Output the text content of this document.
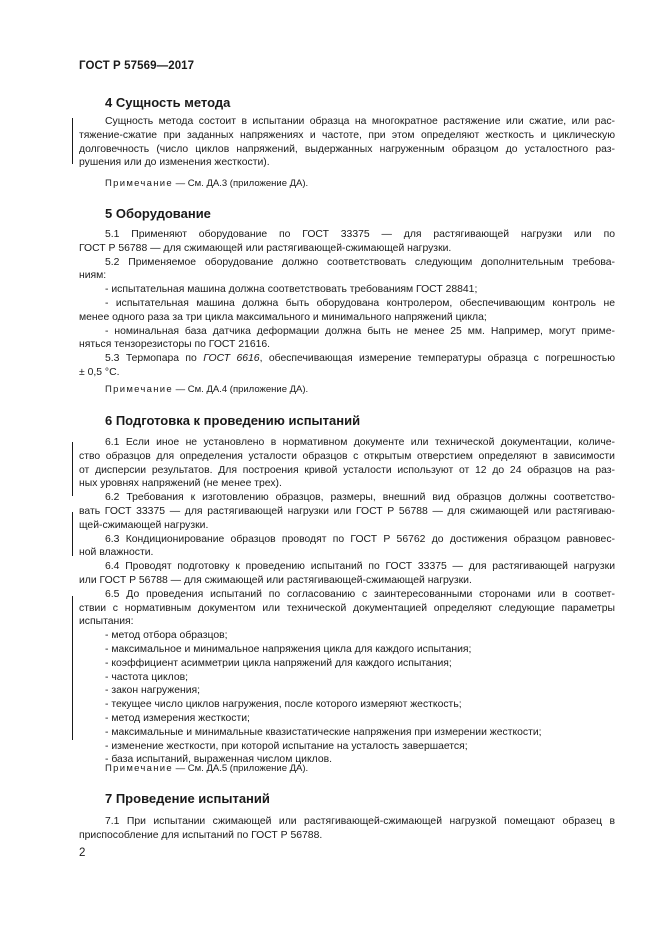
ГОСТ Р 57569—2017
4 Сущность метода
Сущность метода состоит в испытании образца на многократное растяжение или сжатие, или рас-
тяжение-сжатие при заданных напряжениях и частоте, при этом определяют жесткость и циклическую
долговечность (число циклов напряжений, выдержанных нагруженным образцом до усталостного раз-
рушения или до изменения жесткости).
Примечание — См. ДА.3 (приложение ДА).
5 Оборудование
5.1 Применяют оборудование по ГОСТ 33375 — для растягивающей нагрузки или по
ГОСТ Р 56788 — для сжимающей или растягивающей-сжимающей нагрузки.
5.2 Применяемое оборудование должно соответствовать следующим дополнительным требова-
ниям:
- испытательная машина должна соответствовать требованиям ГОСТ 28841;
- испытательная машина должна быть оборудована контролером, обеспечивающим контроль не
менее одного раза за три цикла максимального и минимального напряжений цикла;
- номинальная база датчика деформации должна быть не менее 25 мм. Например, могут приме-
няться тензорезисторы по ГОСТ 21616.
5.3 Термопара по ГОСТ 6616, обеспечивающая измерение температуры образца с погрешностью
± 0,5 °С.
Примечание — См. ДА.4 (приложение ДА).
6 Подготовка к проведению испытаний
6.1 Если иное не установлено в нормативном документе или технической документации, количе-
ство образцов для определения усталости образцов с открытым отверстием определяют в зависимости
от дисперсии результатов. Для построения кривой усталости используют от 12 до 24 образцов на раз-
ных уровнях напряжений (не менее трех).
6.2 Требования к изготовлению образцов, размеры, внешний вид образцов должны соответство-
вать ГОСТ 33375 — для растягивающей нагрузки или ГОСТ Р 56788 — для сжимающей или растягиваю-
щей-сжимающей нагрузки.
6.3 Кондиционирование образцов проводят по ГОСТ Р 56762 до достижения образцом равновес-
ной влажности.
6.4 Проводят подготовку к проведению испытаний по ГОСТ 33375 — для растягивающей нагрузки
или ГОСТ Р 56788 — для сжимающей или растягивающей-сжимающей нагрузки.
6.5 До проведения испытаний по согласованию с заинтересованными сторонами или в соответ-
ствии с нормативным документом или технической документацией определяют следующие параметры
испытания:
- метод отбора образцов;
- максимальное и минимальное напряжения цикла для каждого испытания;
- коэффициент асимметрии цикла напряжений для каждого испытания;
- частота циклов;
- закон нагружения;
- текущее число циклов нагружения, после которого измеряют жесткость;
- метод измерения жесткости;
- максимальные и минимальные квазистатические напряжения при измерении жесткости;
- изменение жесткости, при которой испытание на усталость завершается;
- база испытаний, выраженная числом циклов.
Примечание — См. ДА.5 (приложение ДА).
7 Проведение испытаний
7.1 При испытании сжимающей или растягивающей-сжимающей нагрузкой помещают образец в
приспособление для испытаний по ГОСТ Р 56788.
2
